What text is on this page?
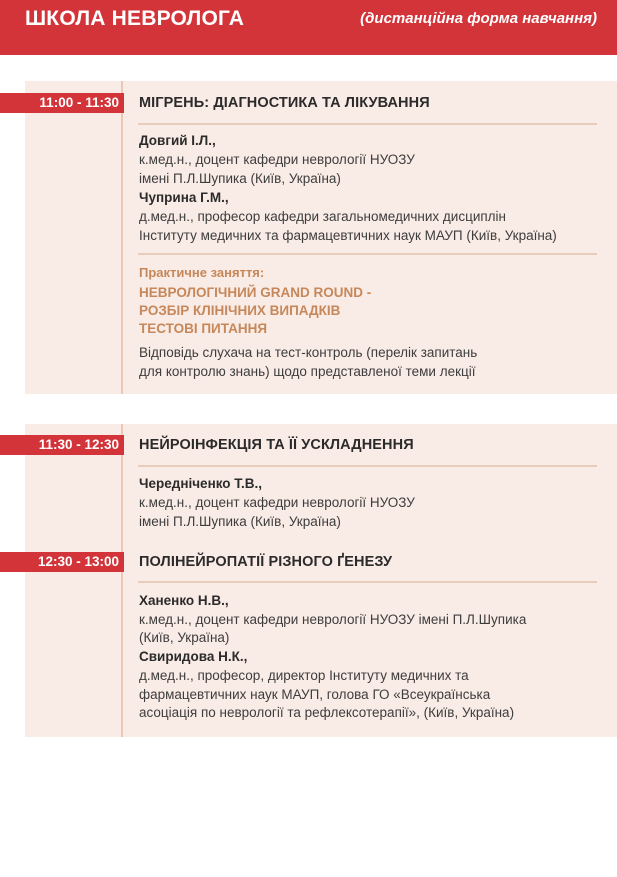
ШКОЛА НЕВРОЛОГА	(дистанційна форма навчання)
11:00 - 11:30 МІГРЕНЬ: ДІАГНОСТИКА ТА ЛІКУВАННЯ
Довгий І.Л.,
к.мед.н., доцент кафедри неврології НУОЗУ
імені П.Л.Шупика (Київ, Україна)
Чуприна Г.М.,
д.мед.н., професор кафедри загальномедичних дисциплін
Інституту медичних та фармацевтичних наук МАУП (Київ, Україна)
Практичне заняття:
НЕВРОЛОГІЧНИЙ GRAND ROUND -
РОЗБІР КЛІНІЧНИХ ВИПАДКІВ
ТЕСТОВІ ПИТАННЯ
Відповідь слухача на тест-контроль (перелік запитань
для контролю знань) щодо представленої теми лекції
11:30 - 12:30 НЕЙРОІНФЕКЦІЯ ТА ЇЇ УСКЛАДНЕННЯ
Чередніченко Т.В.,
к.мед.н., доцент кафедри неврології НУОЗУ
імені П.Л.Шупика (Київ, Україна)
12:30 - 13:00 ПОЛІНЕЙРОПАТІЇ РІЗНОГО ҐЕНЕЗУ
Ханенко Н.В.,
к.мед.н., доцент кафедри неврології НУОЗУ імені П.Л.Шупика
(Київ, Україна)
Свиридова Н.К.,
д.мед.н., професор, директор Інституту медичних та
фармацевтичних наук МАУП, голова ГО «Всеукраїнська
асоціація по неврології та рефлексотерапії», (Київ, Україна)
